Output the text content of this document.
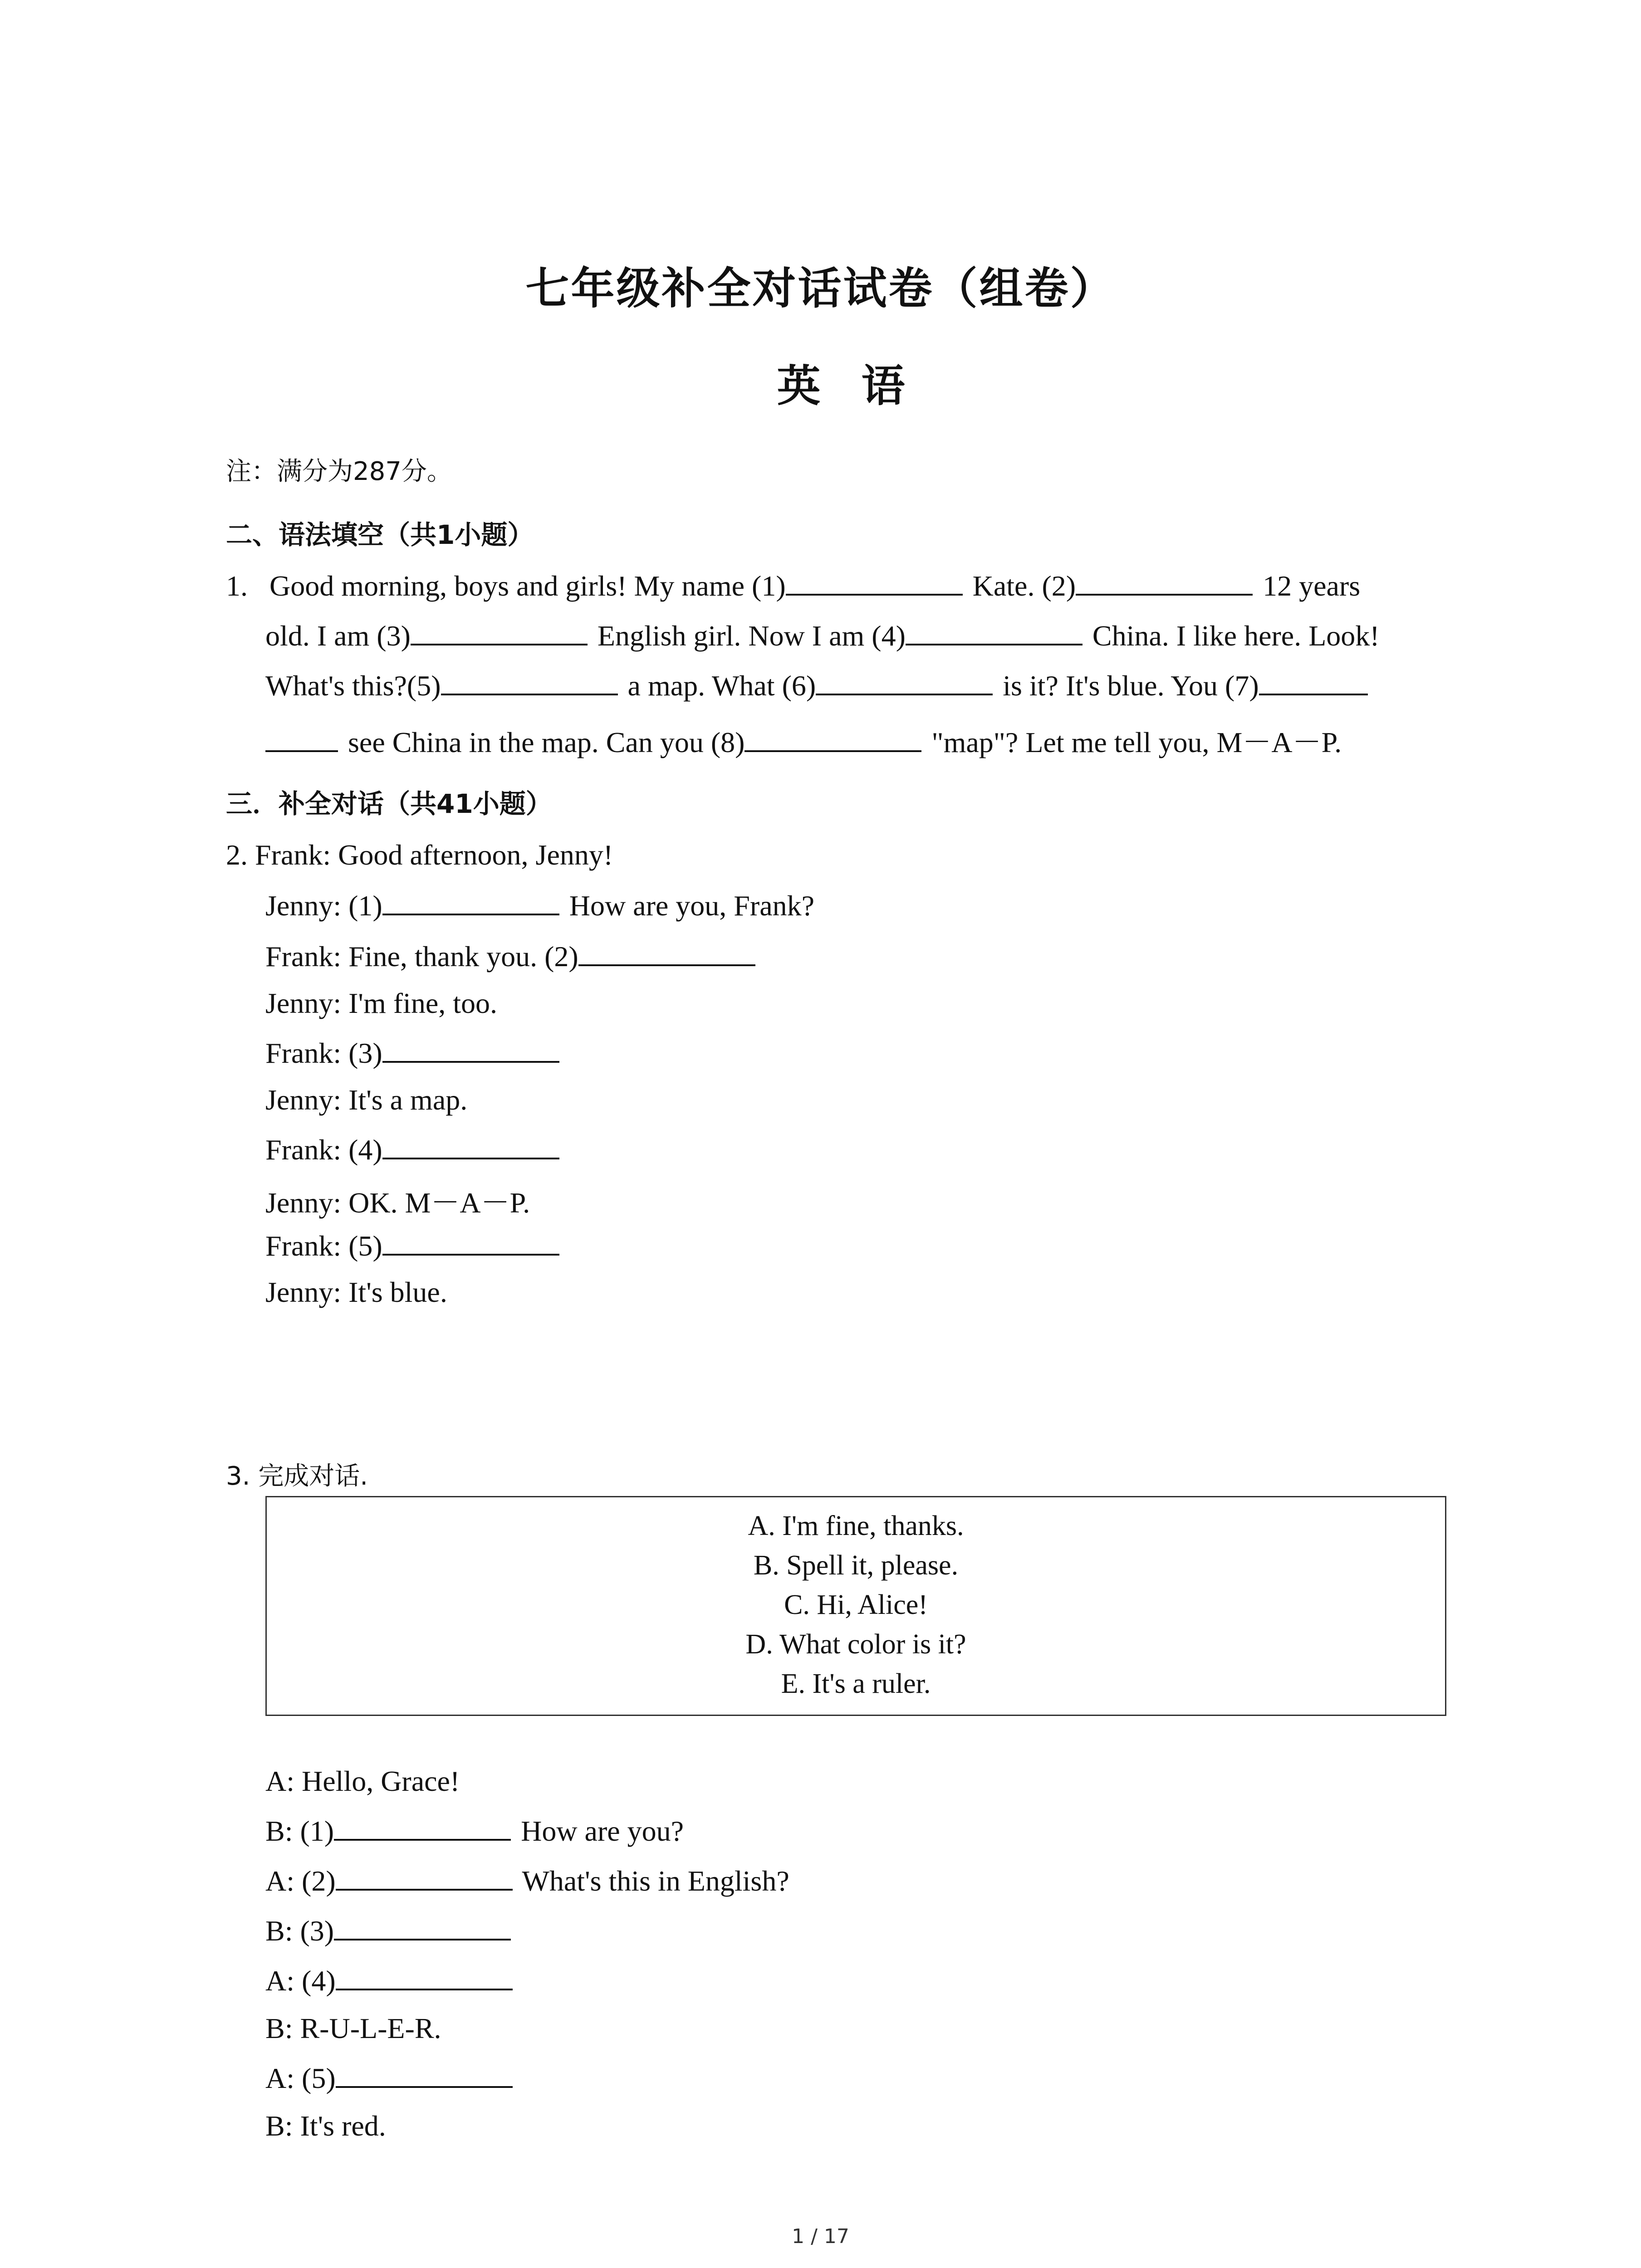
七年级补全对话试卷（组卷）
英语
注：满分为287分。
二、语法填空（共1小题）
1. Good morning, boys and girls! My name (1)	Kate. (2)	12 years
old. I am (3)	English girl. Now I am (4)	China. I like here. Look!
What's this?(5)	a map. What (6)	is it? It's blue. You (7)
see China in the map. Can you (8)	"map"? Let me tell you, M－A－P.
三．补全对话（共41小题）
2. Frank: Good afternoon, Jenny!
Jenny: (1)	How are you, Frank?
Frank: Fine, thank you. (2)
Jenny: I'm fine, too.
Frank: (3)
Jenny: It's a map.
Frank: (4)
Jenny: OK. M－A－P.
Frank: (5)
Jenny: It's blue.
3. 完成对话.
A. I'm fine, thanks.
B. Spell it, please.
C. Hi, Alice!
D. What color is it?
E. It's a ruler.
A: Hello, Grace!
B: (1)	How are you?
A: (2)	What's this in English?
B: (3)
A: (4)
B: R-U-L-E-R.
A: (5)
B: It's red.
1 / 17
